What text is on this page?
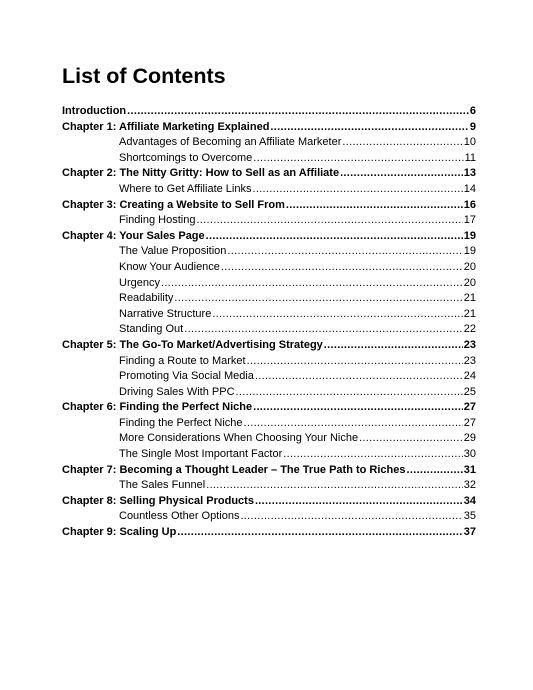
List of Contents
Introduction .....	6
Chapter 1: Affiliate Marketing Explained .....	9
Advantages of Becoming an Affiliate Marketer .....	10
Shortcomings to Overcome .....	11
Chapter 2: The Nitty Gritty: How to Sell as an Affiliate .....	13
Where to Get Affiliate Links .....	14
Chapter 3: Creating a Website to Sell From .....	16
Finding Hosting .....	17
Chapter 4: Your Sales Page .....	19
The Value Proposition .....	19
Know Your Audience .....	20
Urgency .....	20
Readability .....	21
Narrative Structure .....	21
Standing Out .....	22
Chapter 5: The Go-To Market/Advertising Strategy .....	23
Finding a Route to Market .....	23
Promoting Via Social Media .....	24
Driving Sales With PPC .....	25
Chapter 6: Finding the Perfect Niche .....	27
Finding the Perfect Niche .....	27
More Considerations When Choosing Your Niche .....	29
The Single Most Important Factor .....	30
Chapter 7: Becoming a Thought Leader – The True Path to Riches .....	31
The Sales Funnel .....	32
Chapter 8: Selling Physical Products .....	34
Countless Other Options .....	35
Chapter 9: Scaling Up .....	37
